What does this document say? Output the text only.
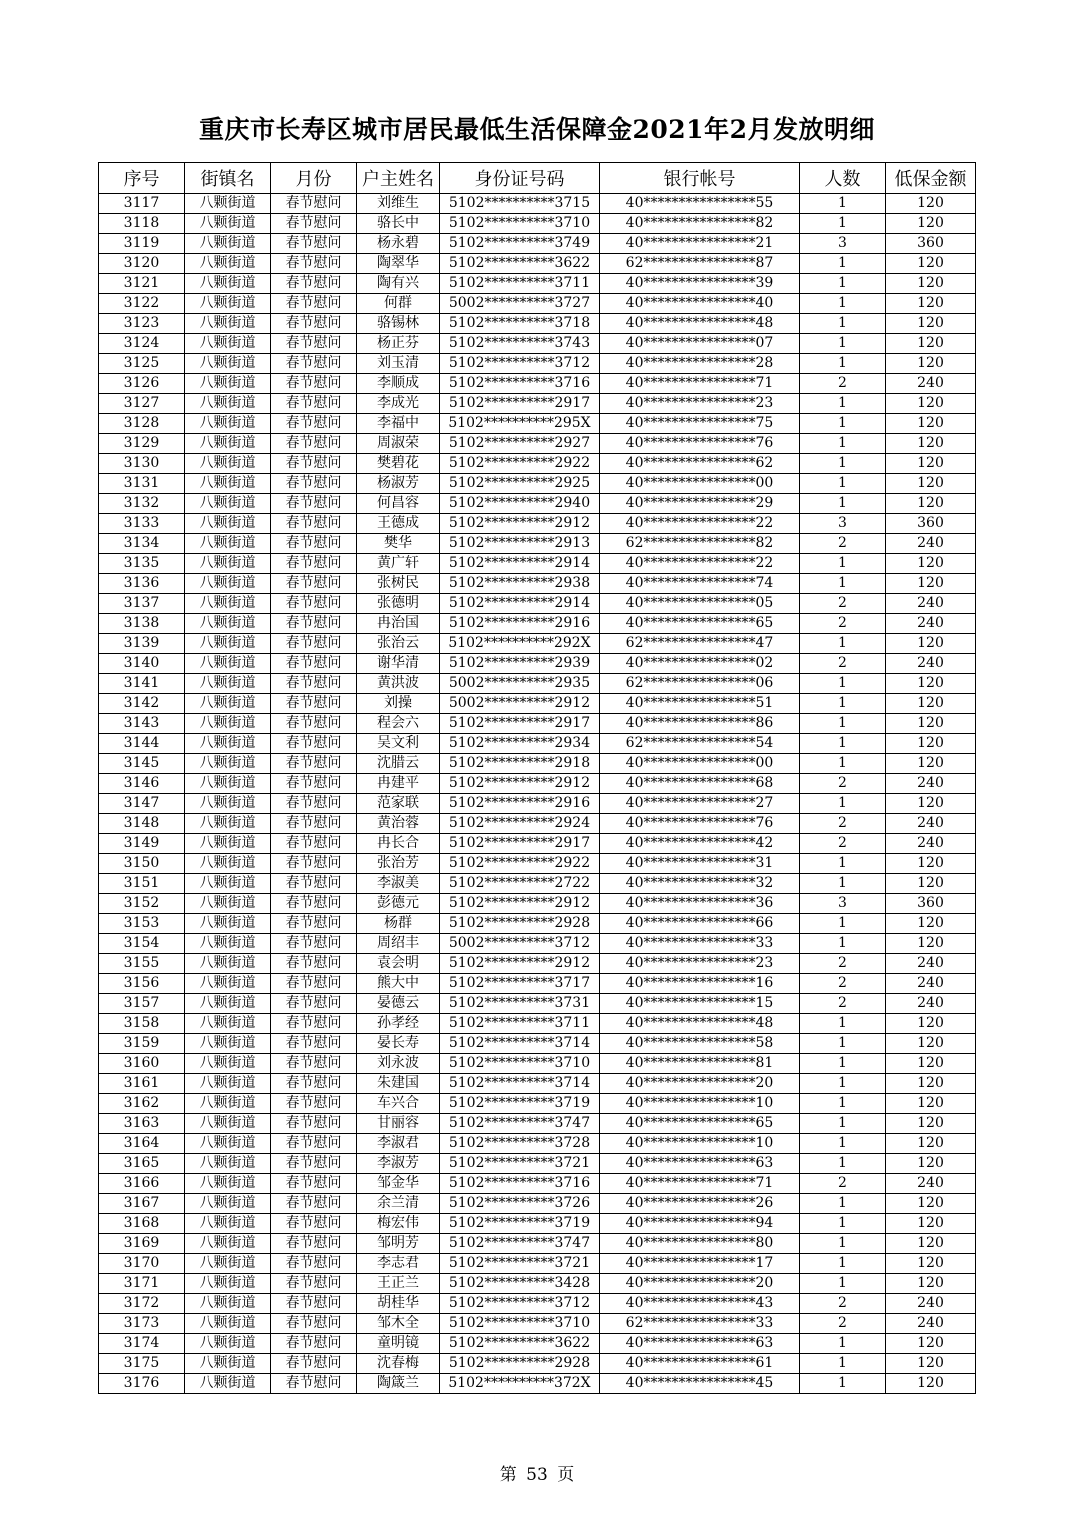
重庆市长寿区城市居民最低生活保障金2021年2月发放明细
序号	街镇名	月份	户主姓名	身份证号码	银行帐号	人数	低保金额
3117	八颗街道	春节慰问	刘维生	5102**********3715	40****************55	1	120
3118	八颗街道	春节慰问	骆长中	5102**********3710	40****************82	1	120
3119	八颗街道	春节慰问	杨永碧	5102**********3749	40****************21	3	360
3120	八颗街道	春节慰问	陶翠华	5102**********3622	62****************87	1	120
3121	八颗街道	春节慰问	陶有兴	5102**********3711	40****************39	1	120
3122	八颗街道	春节慰问	何群	5002**********3727	40****************40	1	120
3123	八颗街道	春节慰问	骆锡林	5102**********3718	40****************48	1	120
3124	八颗街道	春节慰问	杨正芬	5102**********3743	40****************07	1	120
3125	八颗街道	春节慰问	刘玉清	5102**********3712	40****************28	1	120
3126	八颗街道	春节慰问	李顺成	5102**********3716	40****************71	2	240
3127	八颗街道	春节慰问	李成光	5102**********2917	40****************23	1	120
3128	八颗街道	春节慰问	李福中	5102**********295X	40****************75	1	120
3129	八颗街道	春节慰问	周淑荣	5102**********2927	40****************76	1	120
3130	八颗街道	春节慰问	樊碧花	5102**********2922	40****************62	1	120
3131	八颗街道	春节慰问	杨淑芳	5102**********2925	40****************00	1	120
3132	八颗街道	春节慰问	何昌容	5102**********2940	40****************29	1	120
3133	八颗街道	春节慰问	王德成	5102**********2912	40****************22	3	360
3134	八颗街道	春节慰问	樊华	5102**********2913	62****************82	2	240
3135	八颗街道	春节慰问	黄广轩	5102**********2914	40****************22	1	120
3136	八颗街道	春节慰问	张树民	5102**********2938	40****************74	1	120
3137	八颗街道	春节慰问	张德明	5102**********2914	40****************05	2	240
3138	八颗街道	春节慰问	冉治国	5102**********2916	40****************65	2	240
3139	八颗街道	春节慰问	张治云	5102**********292X	62****************47	1	120
3140	八颗街道	春节慰问	谢华清	5102**********2939	40****************02	2	240
3141	八颗街道	春节慰问	黄洪波	5002**********2935	62****************06	1	120
3142	八颗街道	春节慰问	刘操	5002**********2912	40****************51	1	120
3143	八颗街道	春节慰问	程会六	5102**********2917	40****************86	1	120
3144	八颗街道	春节慰问	吴文利	5102**********2934	62****************54	1	120
3145	八颗街道	春节慰问	沈腊云	5102**********2918	40****************00	1	120
3146	八颗街道	春节慰问	冉建平	5102**********2912	40****************68	2	240
3147	八颗街道	春节慰问	范家联	5102**********2916	40****************27	1	120
3148	八颗街道	春节慰问	黄治蓉	5102**********2924	40****************76	2	240
3149	八颗街道	春节慰问	冉长合	5102**********2917	40****************42	2	240
3150	八颗街道	春节慰问	张治芳	5102**********2922	40****************31	1	120
3151	八颗街道	春节慰问	李淑美	5102**********2722	40****************32	1	120
3152	八颗街道	春节慰问	彭德元	5102**********2912	40****************36	3	360
3153	八颗街道	春节慰问	杨群	5102**********2928	40****************66	1	120
3154	八颗街道	春节慰问	周绍丰	5002**********3712	40****************33	1	120
3155	八颗街道	春节慰问	袁会明	5102**********2912	40****************23	2	240
3156	八颗街道	春节慰问	熊大中	5102**********3717	40****************16	2	240
3157	八颗街道	春节慰问	晏德云	5102**********3731	40****************15	2	240
3158	八颗街道	春节慰问	孙孝经	5102**********3711	40****************48	1	120
3159	八颗街道	春节慰问	晏长寿	5102**********3714	40****************58	1	120
3160	八颗街道	春节慰问	刘永波	5102**********3710	40****************81	1	120
3161	八颗街道	春节慰问	朱建国	5102**********3714	40****************20	1	120
3162	八颗街道	春节慰问	车兴合	5102**********3719	40****************10	1	120
3163	八颗街道	春节慰问	甘丽容	5102**********3747	40****************65	1	120
3164	八颗街道	春节慰问	李淑君	5102**********3728	40****************10	1	120
3165	八颗街道	春节慰问	李淑芳	5102**********3721	40****************63	1	120
3166	八颗街道	春节慰问	邹金华	5102**********3716	40****************71	2	240
3167	八颗街道	春节慰问	余兰清	5102**********3726	40****************26	1	120
3168	八颗街道	春节慰问	梅宏伟	5102**********3719	40****************94	1	120
3169	八颗街道	春节慰问	邹明芳	5102**********3747	40****************80	1	120
3170	八颗街道	春节慰问	李志君	5102**********3721	40****************17	1	120
3171	八颗街道	春节慰问	王正兰	5102**********3428	40****************20	1	120
3172	八颗街道	春节慰问	胡桂华	5102**********3712	40****************43	2	240
3173	八颗街道	春节慰问	邹木全	5102**********3710	62****************33	2	240
3174	八颗街道	春节慰问	童明镜	5102**********3622	40****************63	1	120
3175	八颗街道	春节慰问	沈春梅	5102**********2928	40****************61	1	120
3176	八颗街道	春节慰问	陶箴兰	5102**********372X	40****************45	1	120
第 53 页
